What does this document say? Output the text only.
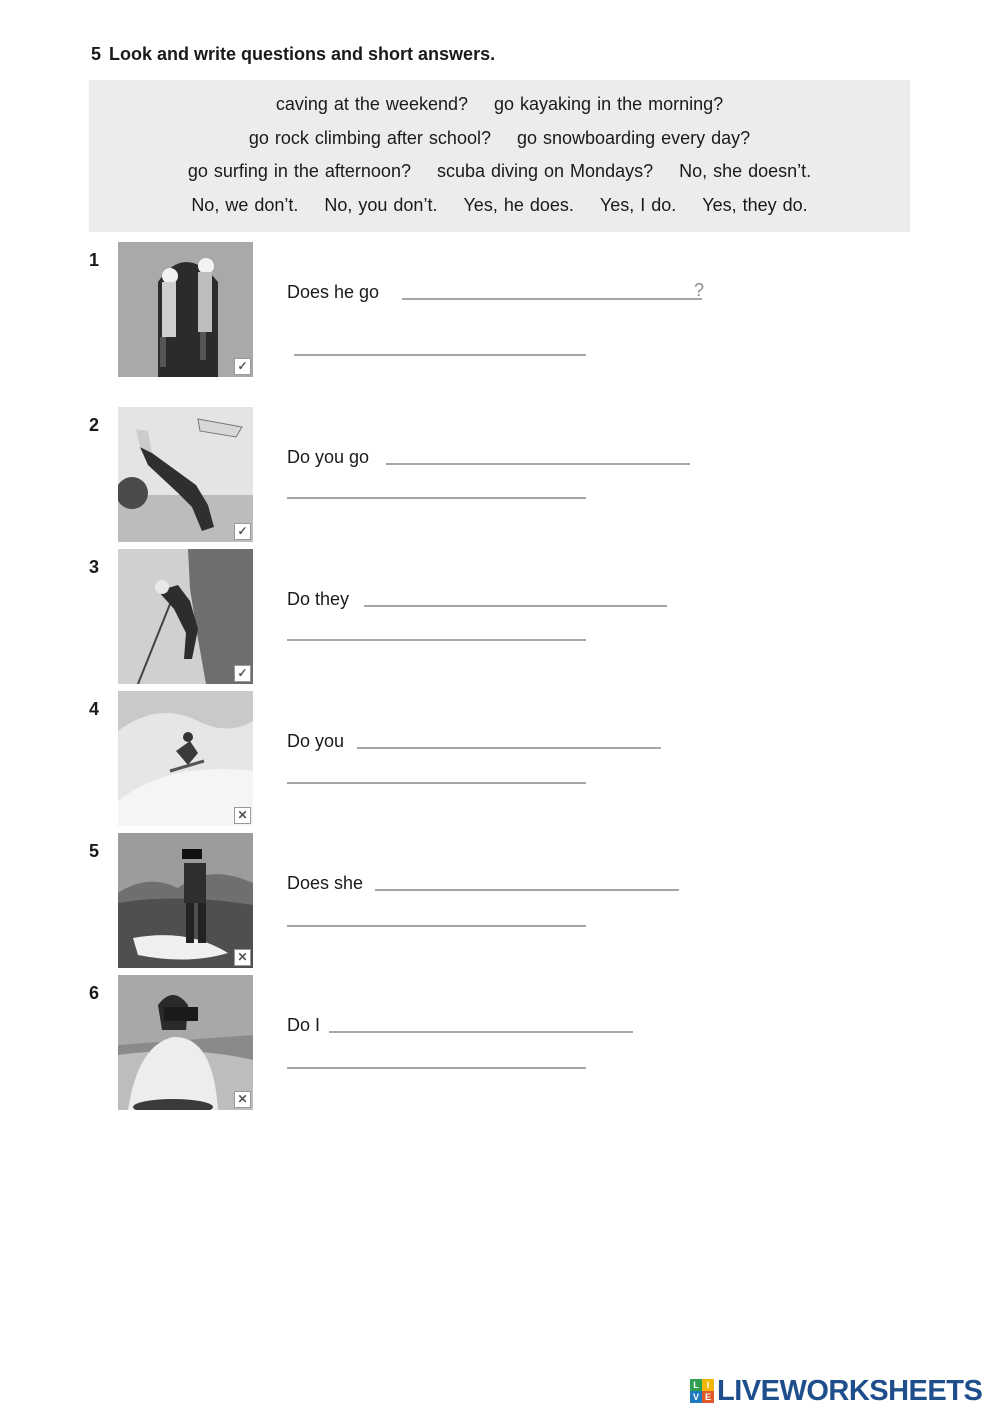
5 Look and write questions and short answers.
caving at the weekend? go kayaking in the morning?
go rock climbing after school? go snowboarding every day?
go surfing in the afternoon? scuba diving on Mondays? No, she doesn’t.
No, we don’t. No, you don’t. Yes, he does. Yes, I do. Yes, they do.
1
✓
Does he go	?
2
✓
Do you go
3
✓
Do they
4
✕
Do you
5
✕
Does she
6
✕
Do I
L I
V E LIVEWORKSHEETS
